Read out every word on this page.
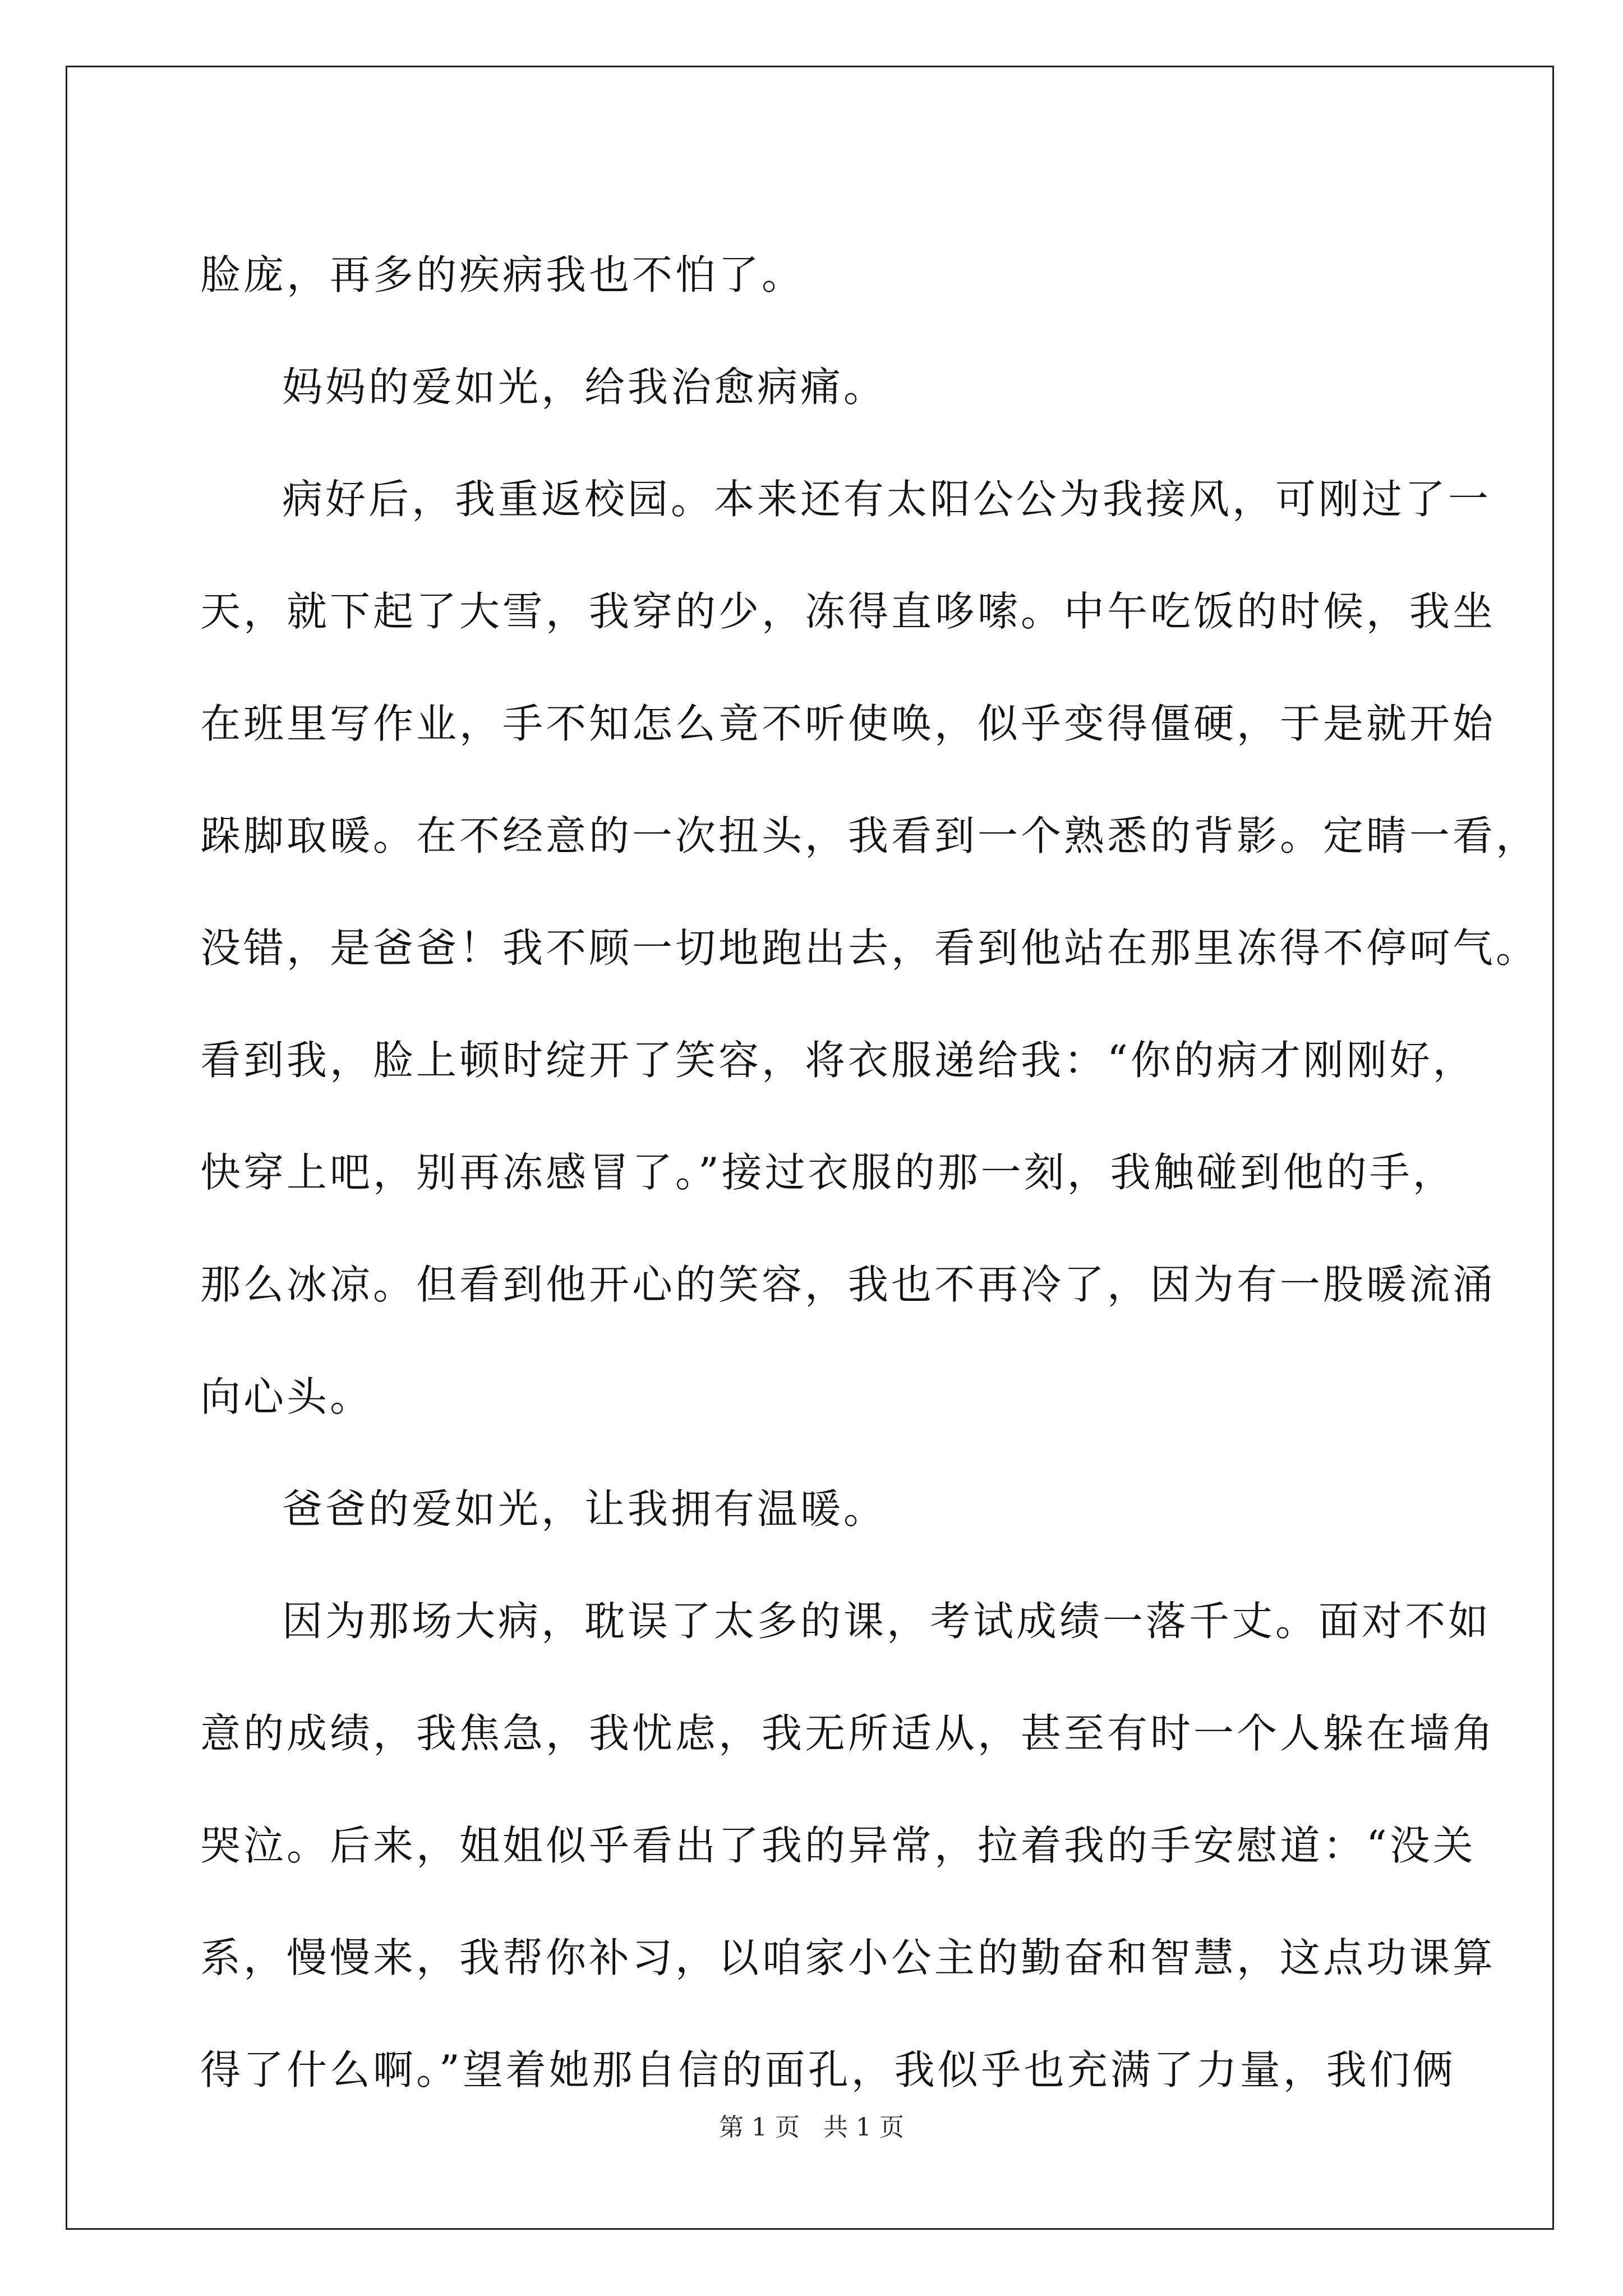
脸庞，再多的疾病我也不怕了。

妈妈的爱如光，给我治愈病痛。

病好后，我重返校园。本来还有太阳公公为我接风，可刚过了一

天，就下起了大雪，我穿的少，冻得直哆嗦。中午吃饭的时候，我坐

在班里写作业，手不知怎么竟不听使唤，似乎变得僵硬，于是就开始

跺脚取暖。在不经意的一次扭头，我看到一个熟悉的背影。定睛一看，

没错，是爸爸！我不顾一切地跑出去，看到他站在那里冻得不停呵气。

看到我，脸上顿时绽开了笑容，将衣服递给我：“你的病才刚刚好，

快穿上吧，别再冻感冒了。”接过衣服的那一刻，我触碰到他的手，

那么冰凉。但看到他开心的笑容，我也不再冷了，因为有一股暖流涌

向心头。

爸爸的爱如光，让我拥有温暖。

因为那场大病，耽误了太多的课，考试成绩一落千丈。面对不如

意的成绩，我焦急，我忧虑，我无所适从，甚至有时一个人躲在墙角

哭泣。后来，姐姐似乎看出了我的异常，拉着我的手安慰道：“没关

系，慢慢来，我帮你补习，以咱家小公主的勤奋和智慧，这点功课算

得了什么啊。”望着她那自信的面孔，我似乎也充满了力量，我们俩

第 1 页   共 1 页
